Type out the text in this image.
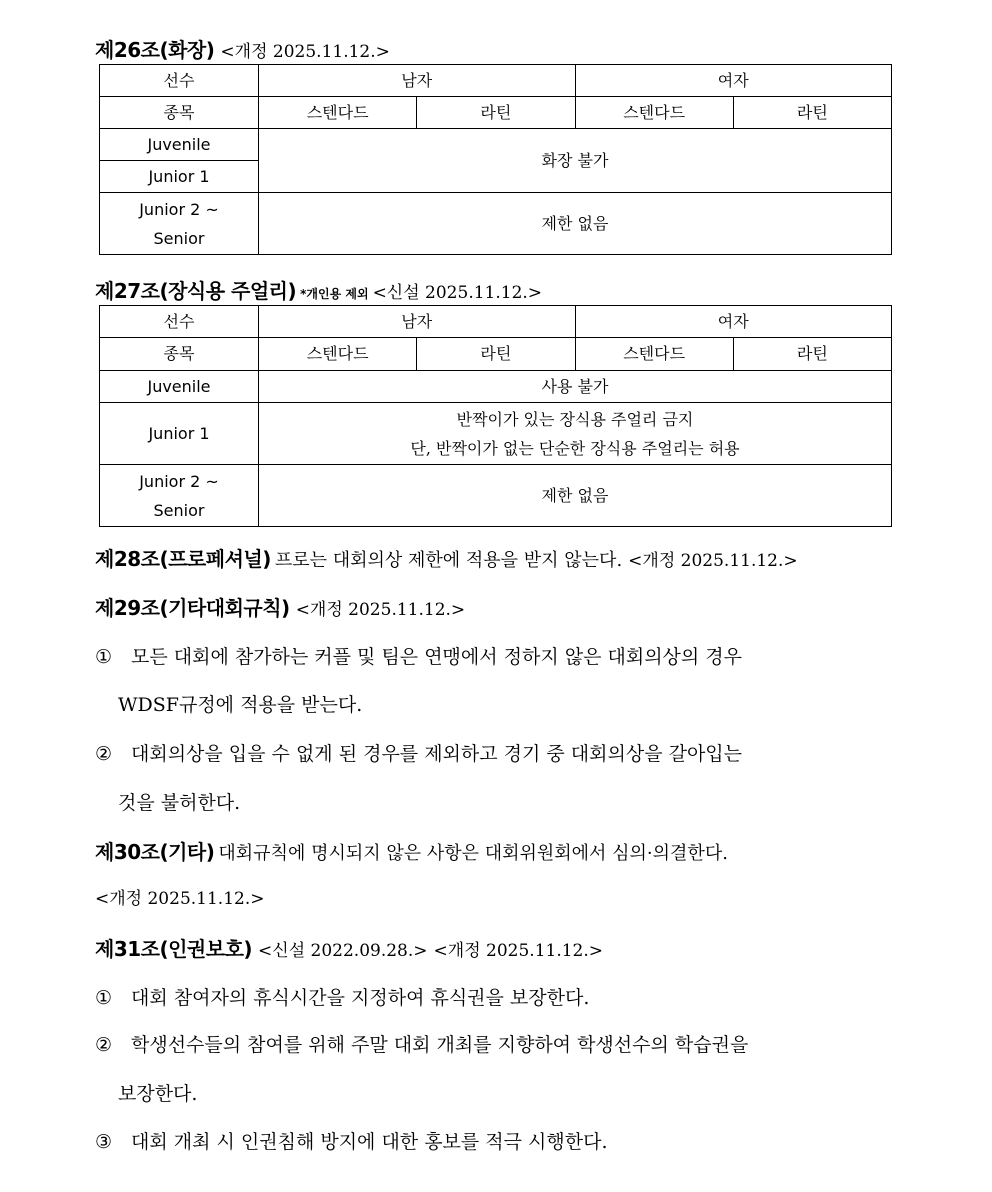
제26조(화장) <개정 2025.11.12.>
선수	남자		여자	
종목	스텐다드	라틴	스텐다드	라틴
Juvenile	화장 불가			
Junior 1				

Junior 2 ~
Senior	제한 없음			
제27조(장식용 주얼리) *개인용 제외 <신설 2025.11.12.>
선수	남자		여자	
종목	스텐다드	라틴	스텐다드	라틴
Juvenile	사용 불가			
Junior 1	반짝이가 있는 장식용 주얼리 금지
단, 반짝이가 없는 단순한 장식용 주얼리는 허용			

Junior 2 ~
Senior	제한 없음			
제28조(프로페셔널) 프로는 대회의상 제한에 적용을 받지 않는다. <개정 2025.11.12.>
제29조(기타대회규칙) <개정 2025.11.12.>
① 모든 대회에 참가하는 커플 및 팀은 연맹에서 정하지 않은 대회의상의 경우
WDSF규정에 적용을 받는다.
② 대회의상을 입을 수 없게 된 경우를 제외하고 경기 중 대회의상을 갈아입는
것을 불허한다.
제30조(기타) 대회규칙에 명시되지 않은 사항은 대회위원회에서 심의·의결한다.
<개정 2025.11.12.>
제31조(인권보호) <신설 2022.09.28.> <개정 2025.11.12.>
① 대회 참여자의 휴식시간을 지정하여 휴식권을 보장한다.
② 학생선수들의 참여를 위해 주말 대회 개최를 지향하여 학생선수의 학습권을
보장한다.
③ 대회 개최 시 인권침해 방지에 대한 홍보를 적극 시행한다.
